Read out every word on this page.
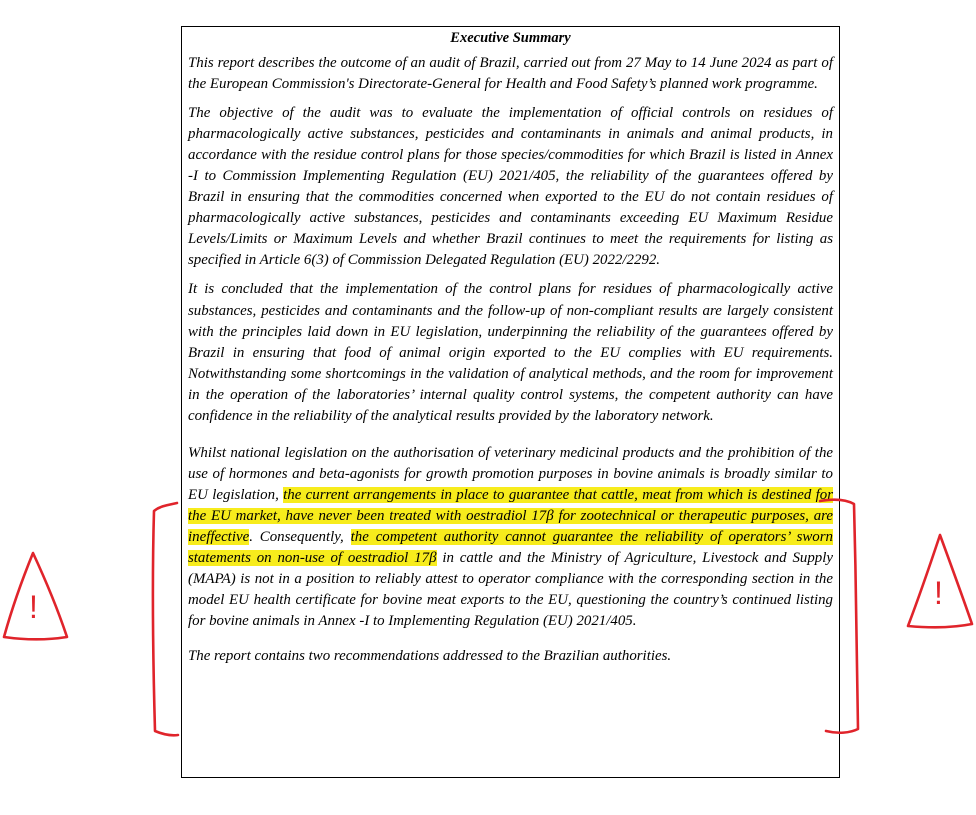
Executive Summary

This report describes the outcome of an audit of Brazil, carried out from 27 May to 14 June 2024 as part of the European Commission's Directorate-General for Health and Food Safety’s planned work programme.

The objective of the audit was to evaluate the implementation of official controls on residues of pharmacologically active substances, pesticides and contaminants in animals and animal products, in accordance with the residue control plans for those species/commodities for which Brazil is listed in Annex -I to Commission Implementing Regulation (EU) 2021/405, the reliability of the guarantees offered by Brazil in ensuring that the commodities concerned when exported to the EU do not contain residues of pharmacologically active substances, pesticides and contaminants exceeding EU Maximum Residue Levels/Limits or Maximum Levels and whether Brazil continues to meet the requirements for listing as specified in Article 6(3) of Commission Delegated Regulation (EU) 2022/2292.

It is concluded that the implementation of the control plans for residues of pharmacologically active substances, pesticides and contaminants and the follow-up of non-compliant results are largely consistent with the principles laid down in EU legislation, underpinning the reliability of the guarantees offered by Brazil in ensuring that food of animal origin exported to the EU complies with EU requirements. Notwithstanding some shortcomings in the validation of analytical methods, and the room for improvement in the operation of the laboratories’ internal quality control systems, the competent authority can have confidence in the reliability of the analytical results provided by the laboratory network.

Whilst national legislation on the authorisation of veterinary medicinal products and the prohibition of the use of hormones and beta-agonists for growth promotion purposes in bovine animals is broadly similar to EU legislation, the current arrangements in place to guarantee that cattle, meat from which is destined for the EU market, have never been treated with oestradiol 17β for zootechnical or therapeutic purposes, are ineffective. Consequently, the competent authority cannot guarantee the reliability of operators’ sworn statements on non-use of oestradiol 17β in cattle and the Ministry of Agriculture, Livestock and Supply (MAPA) is not in a position to reliably attest to operator compliance with the corresponding section in the model EU health certificate for bovine meat exports to the EU, questioning the country’s continued listing for bovine animals in Annex -I to Implementing Regulation (EU) 2021/405.

The report contains two recommendations addressed to the Brazilian authorities.

!	!
